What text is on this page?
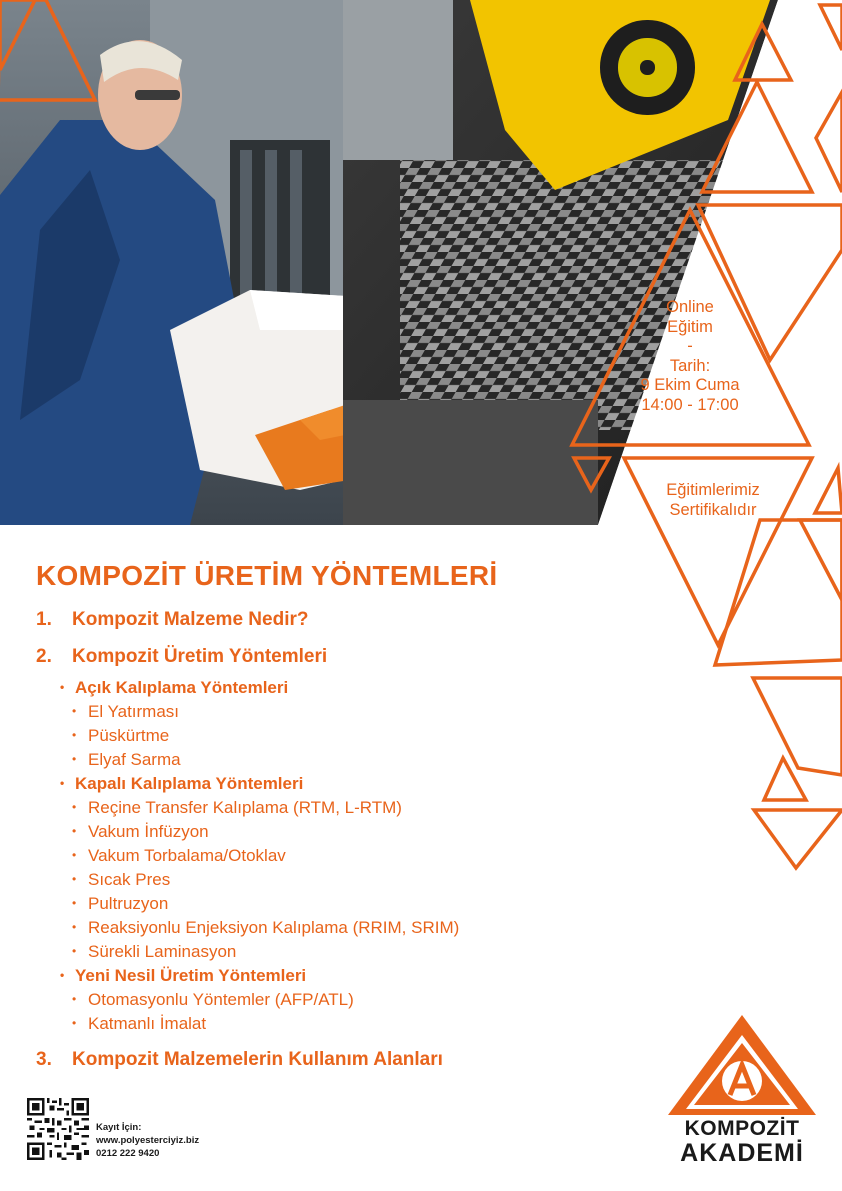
Online
Eğitim
-
Tarih:
9 Ekim Cuma
14:00 - 17:00
Eğitimlerimiz
Sertifikalıdır
KOMPOZİT ÜRETİM YÖNTEMLERİ
1. Kompozit Malzeme Nedir?
2. Kompozit Üretim Yöntemleri
• Açık Kalıplama Yöntemleri
• El Yatırması
• Püskürtme
• Elyaf Sarma
• Kapalı Kalıplama Yöntemleri
• Reçine Transfer Kalıplama (RTM, L-RTM)
• Vakum İnfüzyon
• Vakum Torbalama/Otoklav
• Sıcak Pres
• Pultruzyon
• Reaksiyonlu Enjeksiyon Kalıplama (RRIM, SRIM)
• Sürekli Laminasyon
• Yeni Nesil Üretim Yöntemleri
• Otomasyonlu Yöntemler (AFP/ATL)
• Katmanlı İmalat
3. Kompozit Malzemelerin Kullanım Alanları
Kayıt İçin:
www.polyesterciyiz.biz
0212 222 9420
KOMPOZİT
AKADEMİ
